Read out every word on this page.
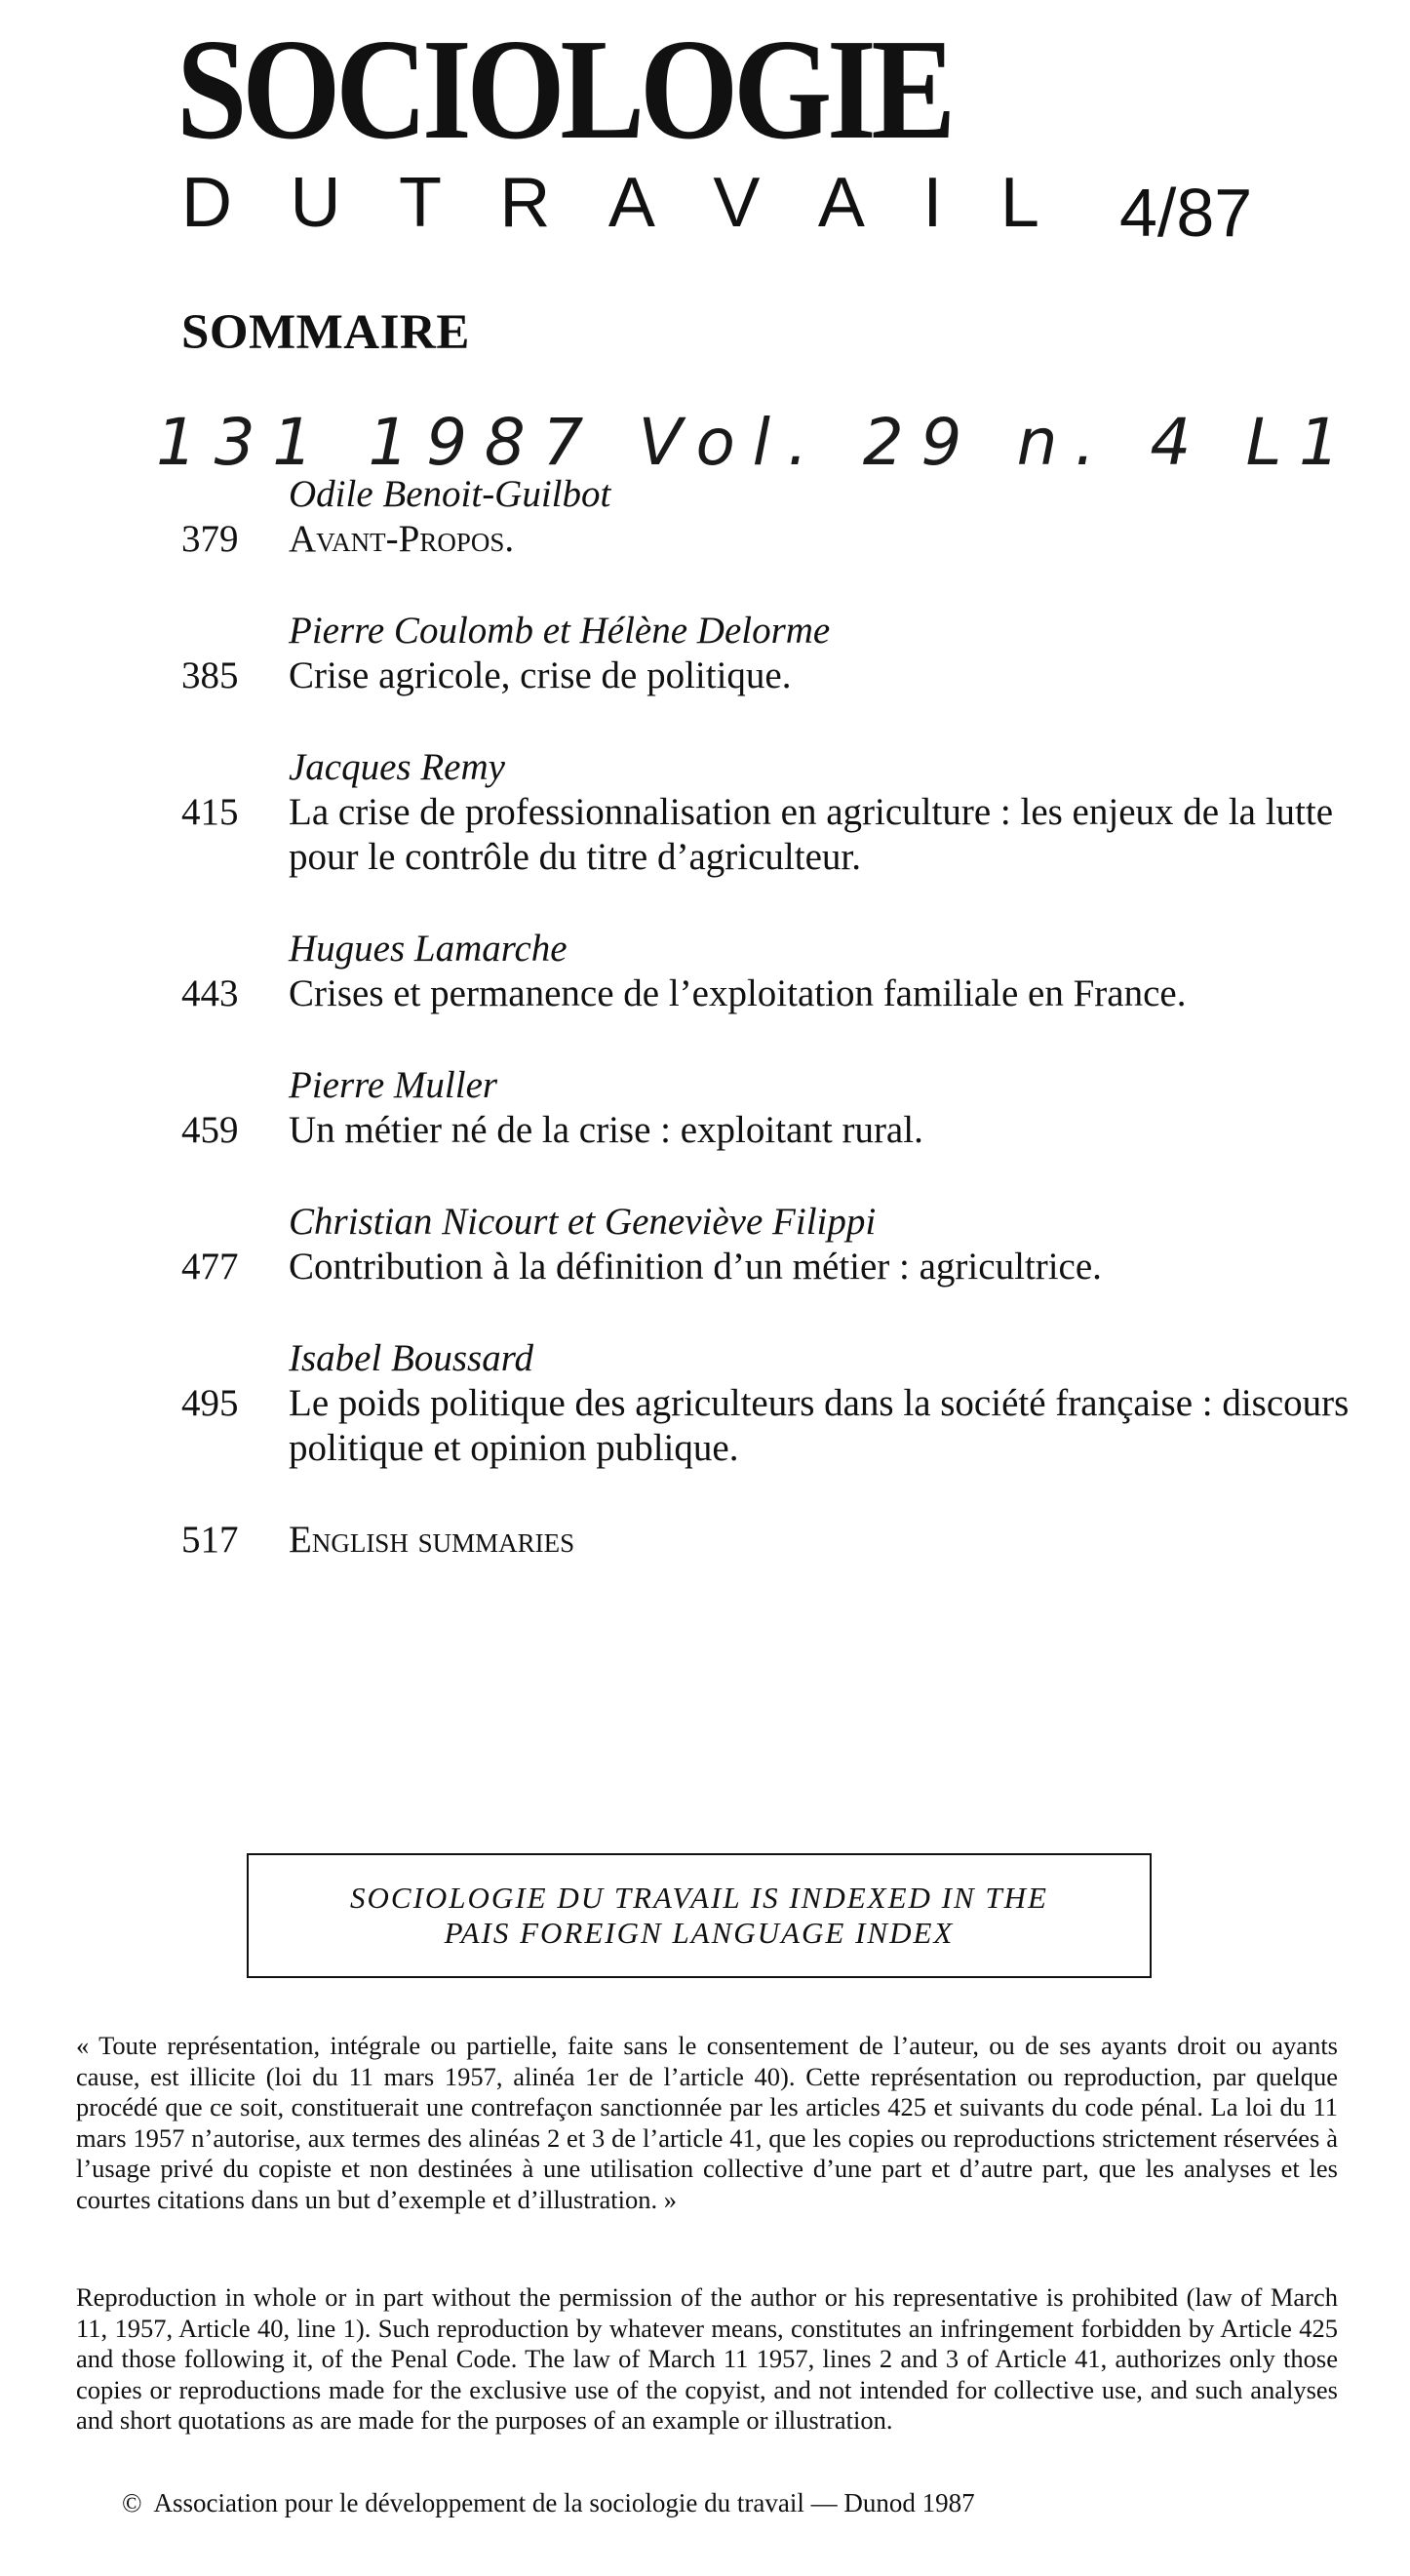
SOCIOLOGIE
D U T R A V A I L 4/87
SOMMAIRE
131 1987 Vol. 29 n. 4 L1
Odile Benoit-Guilbot
379	Avant-Propos.
Pierre Coulomb et Hélène Delorme
385	Crise agricole, crise de politique.
Jacques Remy
415	La crise de professionnalisation en agriculture : les enjeux de la lutte pour le contrôle du titre d’agriculteur.
Hugues Lamarche
443	Crises et permanence de l’exploitation familiale en France.
Pierre Muller
459	Un métier né de la crise : exploitant rural.
Christian Nicourt et Geneviève Filippi
477	Contribution à la définition d’un métier : agricultrice.
Isabel Boussard
495	Le poids politique des agriculteurs dans la société française : discours politique et opinion publique.
517	English summaries
SOCIOLOGIE DU TRAVAIL IS INDEXED IN THE
PAIS FOREIGN LANGUAGE INDEX
« Toute représentation, intégrale ou partielle, faite sans le consentement de l’auteur, ou de ses ayants droit ou ayants cause, est illicite (loi du 11 mars 1957, alinéa 1er de l’article 40). Cette représentation ou reproduction, par quelque procédé que ce soit, constituerait une contrefaçon sanctionnée par les articles 425 et suivants du code pénal. La loi du 11 mars 1957 n’autorise, aux termes des alinéas 2 et 3 de l’article 41, que les copies ou reproductions strictement réservées à l’usage privé du copiste et non destinées à une utilisation collective d’une part et d’autre part, que les analyses et les courtes citations dans un but d’exemple et d’illustration. »
Reproduction in whole or in part without the permission of the author or his representative is prohibited (law of March 11, 1957, Article 40, line 1). Such reproduction by whatever means, constitutes an infringement forbidden by Article 425 and those following it, of the Penal Code. The law of March 11 1957, lines 2 and 3 of Article 41, authorizes only those copies or reproductions made for the exclusive use of the copyist, and not intended for collective use, and such analyses and short quotations as are made for the purposes of an example or illustration.
© Association pour le développement de la sociologie du travail — Dunod 1987
